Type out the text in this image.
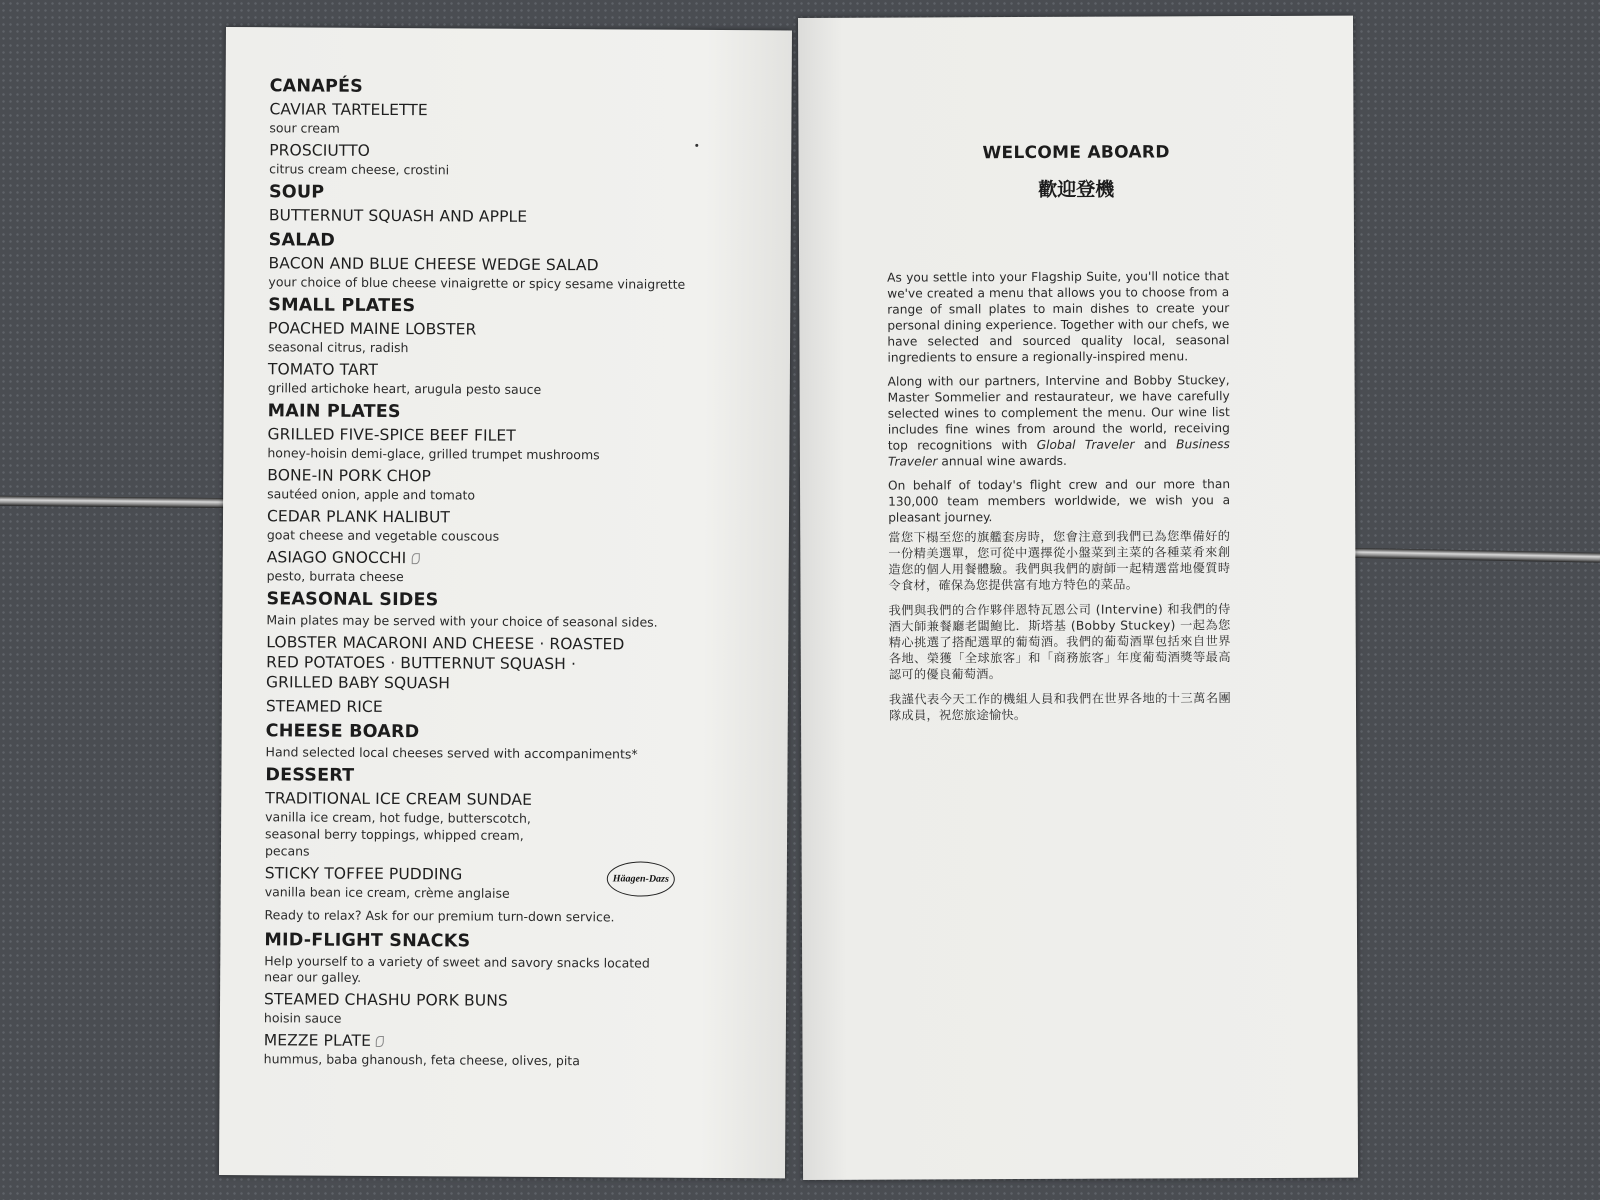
CANAPÉS
CAVIAR TARTELETTE
sour cream
PROSCIUTTO
citrus cream cheese, crostini
SOUP
BUTTERNUT SQUASH AND APPLE
SALAD
BACON AND BLUE CHEESE WEDGE SALAD
your choice of blue cheese vinaigrette or spicy sesame vinaigrette
SMALL PLATES
POACHED MAINE LOBSTER
seasonal citrus, radish
TOMATO TART
grilled artichoke heart, arugula pesto sauce
MAIN PLATES
GRILLED FIVE-SPICE BEEF FILET
honey-hoisin demi-glace, grilled trumpet mushrooms
BONE-IN PORK CHOP
sautéed onion, apple and tomato
CEDAR PLANK HALIBUT
goat cheese and vegetable couscous
ASIAGO GNOCCHI
pesto, burrata cheese
SEASONAL SIDES
Main plates may be served with your choice of seasonal sides.
LOBSTER MACARONI AND CHEESE · ROASTED RED POTATOES · BUTTERNUT SQUASH · GRILLED BABY SQUASH
STEAMED RICE
CHEESE BOARD
Hand selected local cheeses served with accompaniments*
DESSERT
TRADITIONAL ICE CREAM SUNDAE
vanilla ice cream, hot fudge, butterscotch, seasonal berry toppings, whipped cream, pecans
STICKY TOFFEE PUDDING
vanilla bean ice cream, crème anglaise
Ready to relax? Ask for our premium turn-down service.
MID-FLIGHT SNACKS
Help yourself to a variety of sweet and savory snacks located near our galley.
STEAMED CHASHU PORK BUNS
hoisin sauce
MEZZE PLATE
hummus, baba ghanoush, feta cheese, olives, pita
Häagen-Dazs
WELCOME ABOARD
歡迎登機

As you settle into your Flagship Suite, you'll notice that we've created a menu that allows you to choose from a range of small plates to main dishes to create your personal dining experience. Together with our chefs, we have selected and sourced quality local, seasonal ingredients to ensure a regionally-inspired menu.

Along with our partners, Intervine and Bobby Stuckey, Master Sommelier and restaurateur, we have carefully selected wines to complement the menu. Our wine list includes fine wines from around the world, receiving top recognitions with Global Traveler and Business Traveler annual wine awards.

On behalf of today's flight crew and our more than 130,000 team members worldwide, we wish you a pleasant journey.

當您下榻至您的旗艦套房時，您會注意到我們已為您準備好的一份精美選單，您可從中選擇從小盤菜到主菜的各種菜肴來創造您的個人用餐體驗。我們與我們的廚師一起精選當地優質時令食材，確保為您提供富有地方特色的菜品。

我們與我們的合作夥伴恩特瓦恩公司 (Intervine) 和我們的侍酒大師兼餐廳老闆鮑比．斯塔基 (Bobby Stuckey) 一起為您精心挑選了搭配選單的葡萄酒。我們的葡萄酒單包括來自世界各地、榮獲「全球旅客」和「商務旅客」年度葡萄酒獎等最高認可的優良葡萄酒。

我謹代表今天工作的機組人員和我們在世界各地的十三萬名團隊成員，祝您旅途愉快。
